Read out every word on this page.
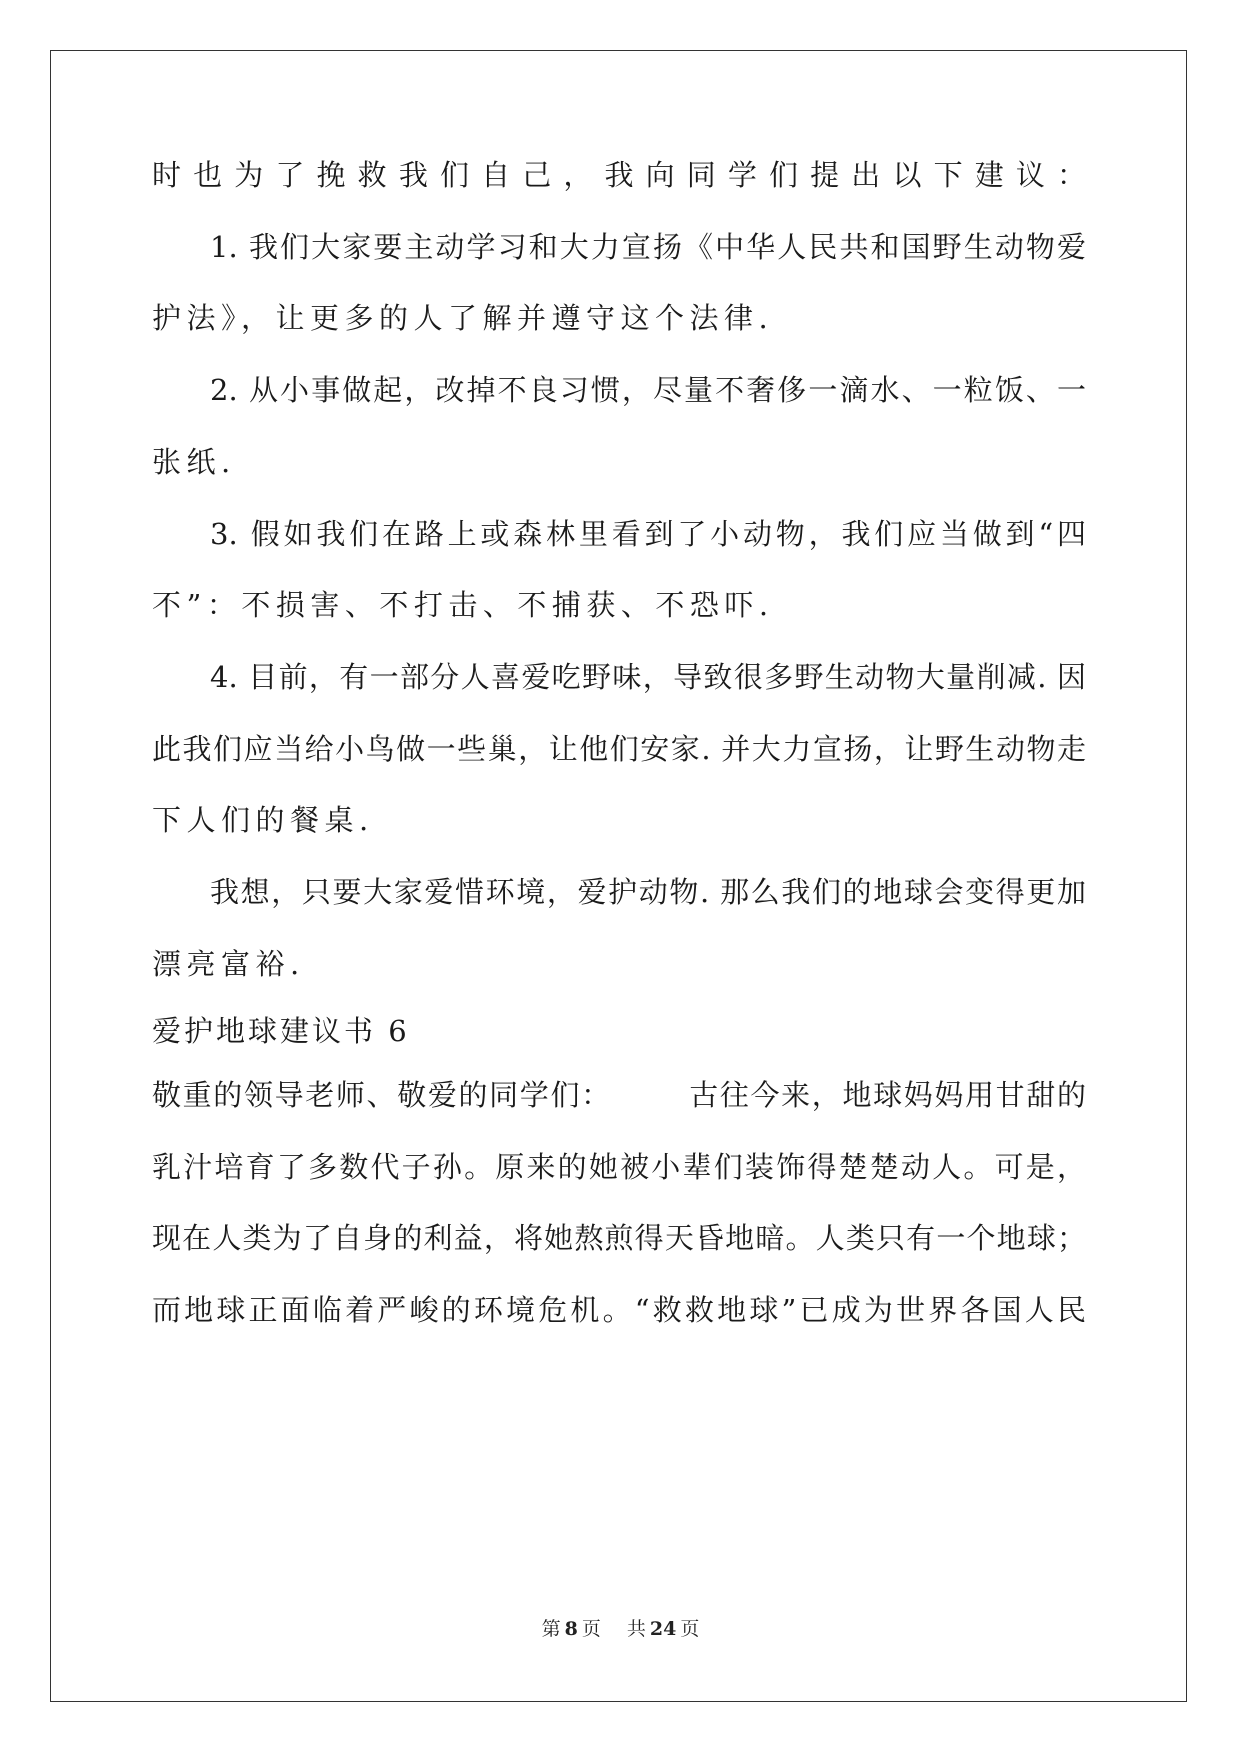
时也为了挽救我们自己，我向同学们提出以下建议：
1. 我们大家要主动学习和大力宣扬《中华人民共和国野生动物爱
护法》，让更多的人了解并遵守这个法律.
2. 从小事做起，改掉不良习惯，尽量不奢侈一滴水、一粒饭、一
张纸.
3. 假如我们在路上或森林里看到了小动物，我们应当做到“四
不”：不损害、不打击、不捕获、不恐吓.
4. 目前，有一部分人喜爱吃野味，导致很多野生动物大量削减. 因
此我们应当给小鸟做一些巢，让他们安家. 并大力宣扬，让野生动物走
下人们的餐桌.
我想，只要大家爱惜环境，爱护动物. 那么我们的地球会变得更加
漂亮富裕.
爱护地球建议书 6
敬重的领导老师、敬爱的同学们：　　　古往今来，地球妈妈用甘甜的
乳汁培育了多数代子孙。原来的她被小辈们装饰得楚楚动人。可是，
现在人类为了自身的利益，将她熬煎得天昏地暗。人类只有一个地球；
而地球正面临着严峻的环境危机。“救救地球”已成为世界各国人民
第 8 页 共 24 页
